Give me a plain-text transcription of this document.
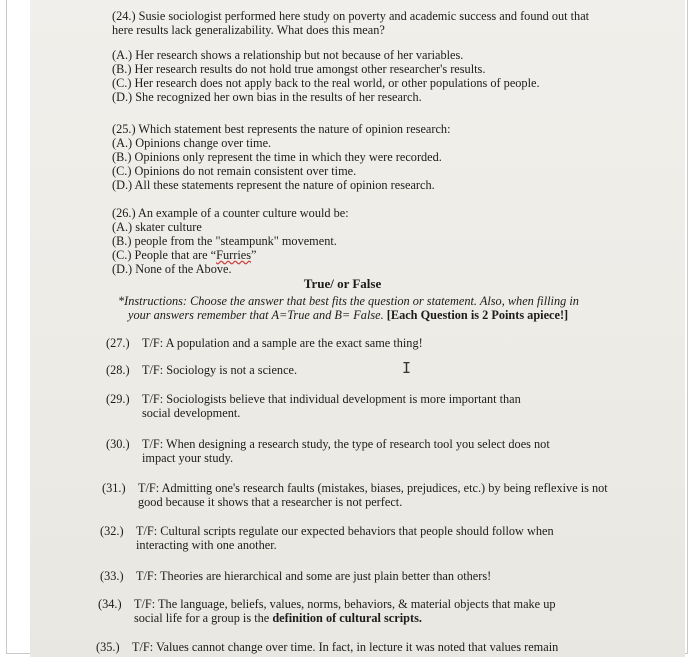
(24.) Susie sociologist performed here study on poverty and academic success and found out that
here results lack generalizability. What does this mean?
(A.) Her research shows a relationship but not because of her variables.
(B.) Her research results do not hold true amongst other researcher's results.
(C.) Her research does not apply back to the real world, or other populations of people.
(D.) She recognized her own bias in the results of her research.
(25.) Which statement best represents the nature of opinion research:
(A.) Opinions change over time.
(B.) Opinions only represent the time in which they were recorded.
(C.) Opinions do not remain consistent over time.
(D.) All these statements represent the nature of opinion research.
(26.) An example of a counter culture would be:
(A.) skater culture
(B.) people from the "steampunk" movement.
(C.) People that are “Furries”
(D.) None of the Above.
True/ or False
*Instructions: Choose the answer that best fits the question or statement. Also, when filling in
your answers remember that A=True and B= False. [Each Question is 2 Points apiece!]
(27.) T/F: A population and a sample are the exact same thing!
(28.) T/F: Sociology is not a science.	I
(29.) T/F: Sociologists believe that individual development is more important than social development.
(30.) T/F: When designing a research study, the type of research tool you select does not impact your study.
(31.) T/F: Admitting one's research faults (mistakes, biases, prejudices, etc.) by being reflexive is not good because it shows that a researcher is not perfect.
(32.) T/F: Cultural scripts regulate our expected behaviors that people should follow when interacting with one another.
(33.) T/F: Theories are hierarchical and some are just plain better than others!
(34.) T/F: The language, beliefs, values, norms, behaviors, & material objects that make up social life for a group is the definition of cultural scripts.
(35.) T/F: Values cannot change over time. In fact, in lecture it was noted that values remain
